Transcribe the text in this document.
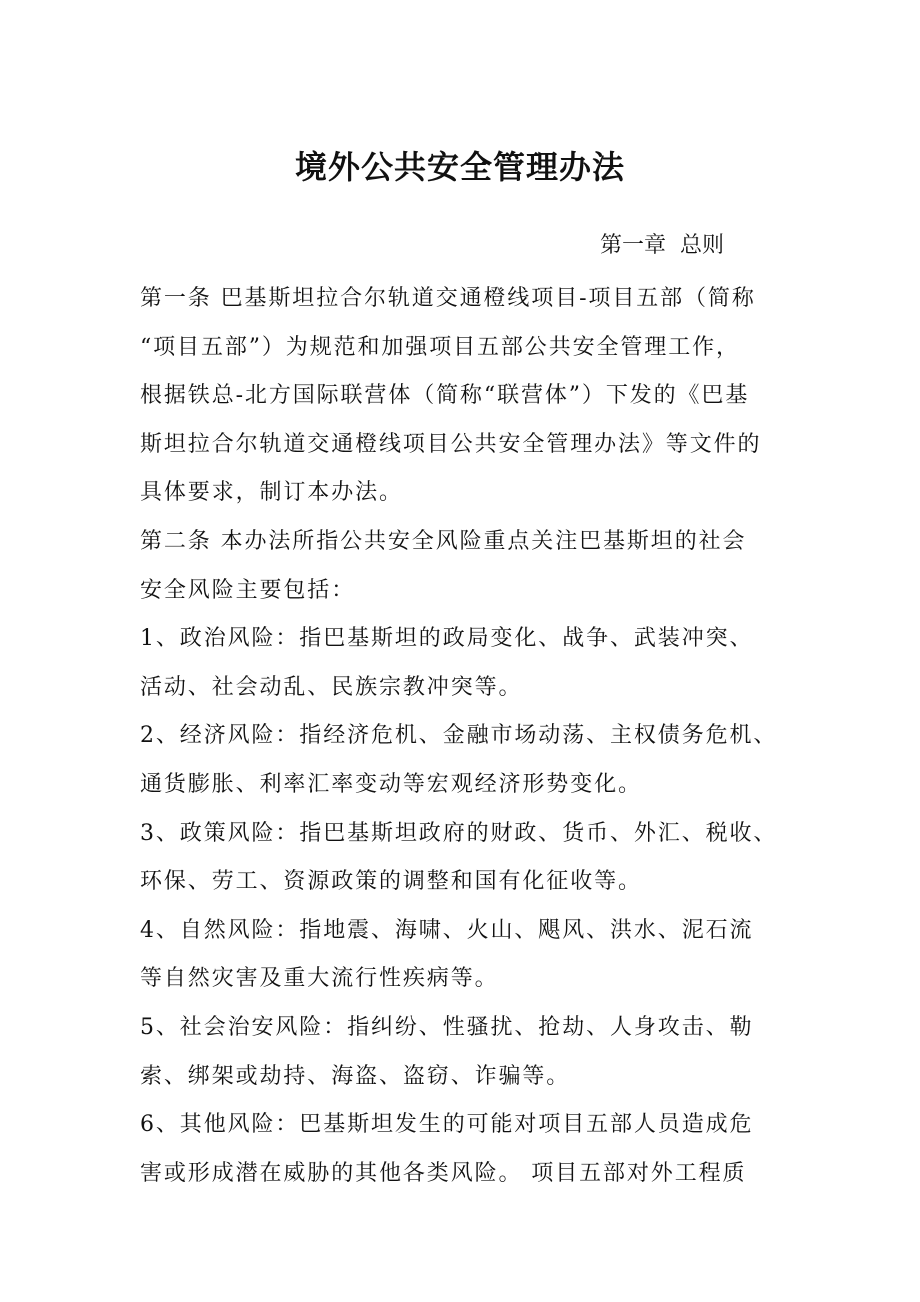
境外公共安全管理办法
第一章  总则
第一条 巴基斯坦拉合尔轨道交通橙线项目-项目五部（简称
“项目五部”）为规范和加强项目五部公共安全管理工作，
根据铁总-北方国际联营体（简称“联营体”）下发的《巴基
斯坦拉合尔轨道交通橙线项目公共安全管理办法》等文件的
具体要求，制订本办法。
第二条 本办法所指公共安全风险重点关注巴基斯坦的社会
安全风险主要包括：
1、政治风险：指巴基斯坦的政局变化、战争、武装冲突、
活动、社会动乱、民族宗教冲突等。
2、经济风险：指经济危机、金融市场动荡、主权债务危机、
通货膨胀、利率汇率变动等宏观经济形势变化。
3、政策风险：指巴基斯坦政府的财政、货币、外汇、税收、
环保、劳工、资源政策的调整和国有化征收等。
4、自然风险：指地震、海啸、火山、飓风、洪水、泥石流
等自然灾害及重大流行性疾病等。
5、社会治安风险：指纠纷、性骚扰、抢劫、人身攻击、勒
索、绑架或劫持、海盗、盗窃、诈骗等。
6、其他风险：巴基斯坦发生的可能对项目五部人员造成危
害或形成潜在威胁的其他各类风险。 项目五部对外工程质
